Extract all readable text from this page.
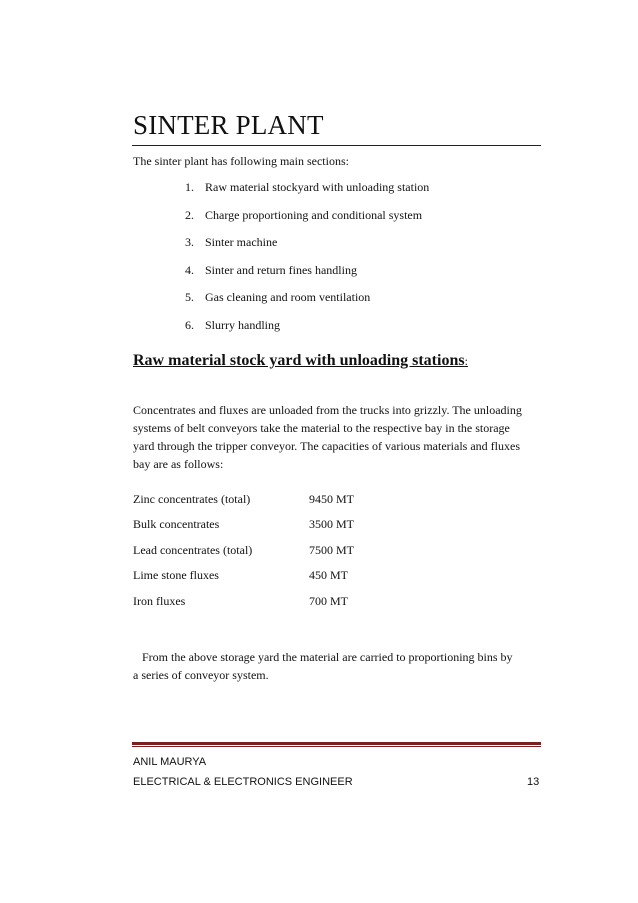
SINTER PLANT
The sinter plant has following main sections:
1. Raw material stockyard with unloading station
2. Charge proportioning and conditional system
3. Sinter machine
4. Sinter and return fines handling
5. Gas cleaning and room ventilation
6. Slurry handling
Raw material stock yard with unloading stations:

Concentrates and fluxes are unloaded from the trucks into grizzly. The unloading

systems of belt conveyors take the material to the respective bay in the storage

yard through the tripper conveyor. The capacities of various materials and fluxes

bay are as follows:

Zinc concentrates (total)	9450 MT
Bulk concentrates	3500 MT
Lead concentrates (total)	7500 MT
Lime stone fluxes	450 MT
Iron fluxes	700 MT

From the above storage yard the material are carried to proportioning bins by

a series of conveyor system.

ANIL MAURYA
ELECTRICAL & ELECTRONICS ENGINEER	13
